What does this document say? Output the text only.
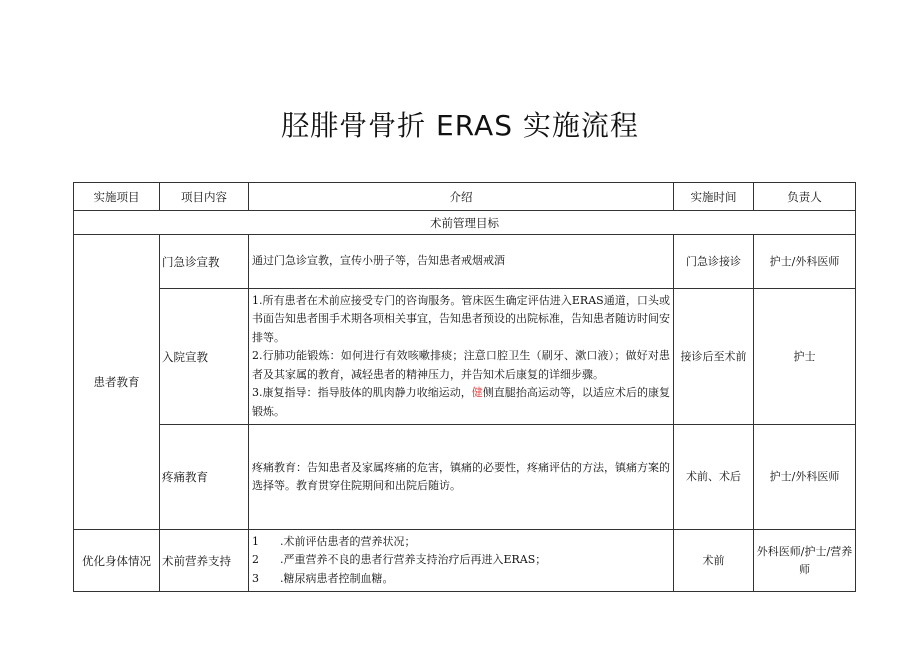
胫腓骨骨折 ERAS 实施流程
实施项目	项目内容	介绍	实施时间	负责人
术前管理目标				
患者教育	门急诊宣教	通过门急诊宣教，宣传小册子等，告知患者戒烟戒酒	门急诊接诊	护士/外科医师
	入院宣教	1.所有患者在术前应接受专门的咨询服务。管床医生确定评估进入ERAS通道，口头或书面告知患者围手术期各项相关事宜，告知患者预设的出院标准，告知患者随访时间安排等。
2.行肺功能锻炼：如何进行有效咳嗽排痰；注意口腔卫生（刷牙、漱口液）；做好对患者及其家属的教育，减轻患者的精神压力，并告知术后康复的详细步骤。
3.康复指导：指导肢体的肌肉静力收缩运动，健侧直腿抬高运动等，以适应术后的康复锻炼。	接诊后至术前	护士
	疼痛教育	疼痛教育：告知患者及家属疼痛的危害，镇痛的必要性，疼痛评估的方法，镇痛方案的选择等。教育贯穿住院期间和出院后随访。	术前、术后	护士/外科医师
优化身体情况	术前营养支持	1 .术前评估患者的营养状况；
2 .严重营养不良的患者行营养支持治疗后再进入ERAS；
3 .糖尿病患者控制血糖。	术前	外科医师/护士/营养师
